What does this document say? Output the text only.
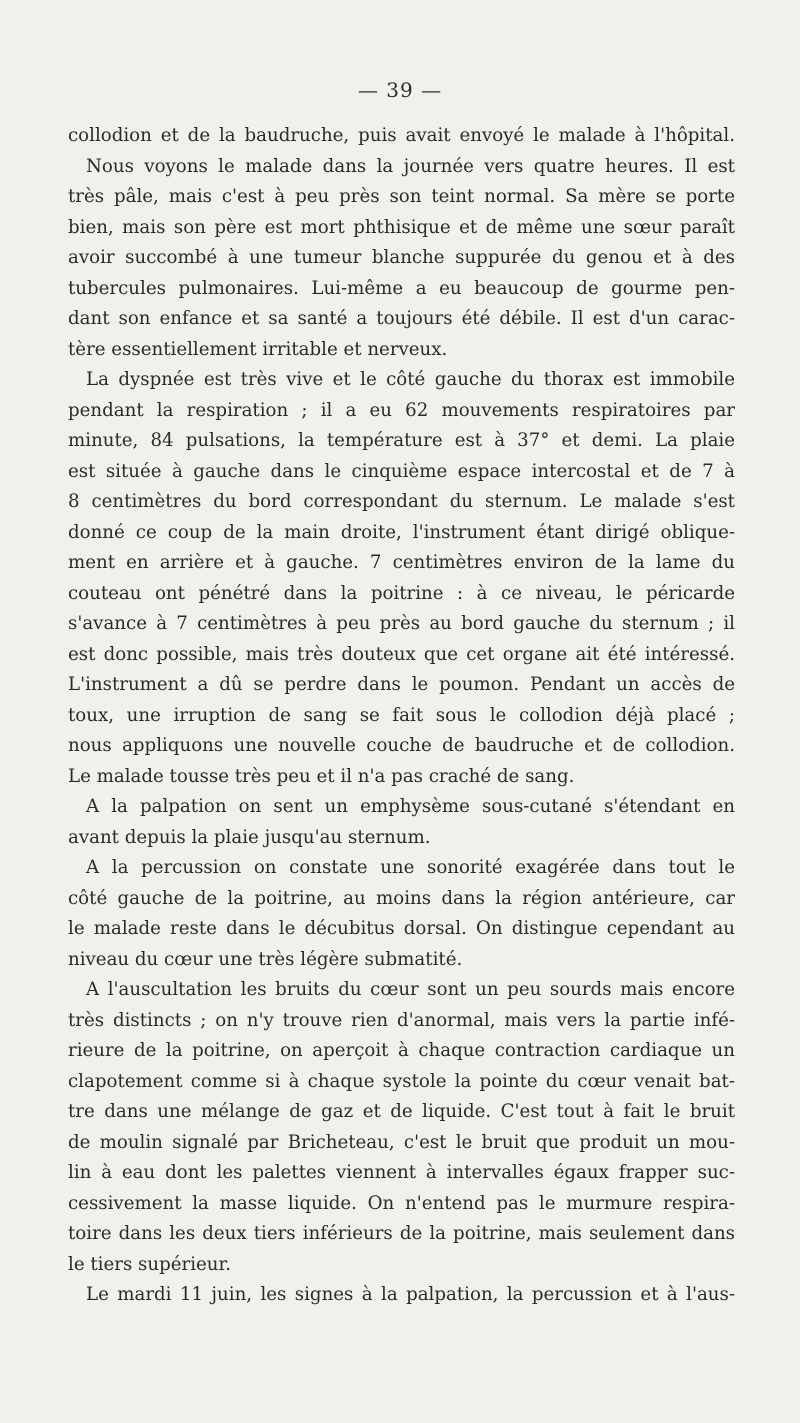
— 39 —
collodion et de la baudruche, puis avait envoyé le malade à l'hôpital.
Nous voyons le malade dans la journée vers quatre heures. Il est
très pâle, mais c'est à peu près son teint normal. Sa mère se porte
bien, mais son père est mort phthisique et de même une sœur paraît
avoir succombé à une tumeur blanche suppurée du genou et à des
tubercules pulmonaires. Lui-même a eu beaucoup de gourme pen-
dant son enfance et sa santé a toujours été débile. Il est d'un carac-
tère essentiellement irritable et nerveux.
La dyspnée est très vive et le côté gauche du thorax est immobile
pendant la respiration ; il a eu 62 mouvements respiratoires par
minute, 84 pulsations, la température est à 37° et demi. La plaie
est située à gauche dans le cinquième espace intercostal et de 7 à
8 centimètres du bord correspondant du sternum. Le malade s'est
donné ce coup de la main droite, l'instrument étant dirigé oblique-
ment en arrière et à gauche. 7 centimètres environ de la lame du
couteau ont pénétré dans la poitrine : à ce niveau, le péricarde
s'avance à 7 centimètres à peu près au bord gauche du sternum ; il
est donc possible, mais très douteux que cet organe ait été intéressé.
L'instrument a dû se perdre dans le poumon. Pendant un accès de
toux, une irruption de sang se fait sous le collodion déjà placé ;
nous appliquons une nouvelle couche de baudruche et de collodion.
Le malade tousse très peu et il n'a pas craché de sang.
A la palpation on sent un emphysème sous-cutané s'étendant en
avant depuis la plaie jusqu'au sternum.
A la percussion on constate une sonorité exagérée dans tout le
côté gauche de la poitrine, au moins dans la région antérieure, car
le malade reste dans le décubitus dorsal. On distingue cependant au
niveau du cœur une très légère submatité.
A l'auscultation les bruits du cœur sont un peu sourds mais encore
très distincts ; on n'y trouve rien d'anormal, mais vers la partie infé-
rieure de la poitrine, on aperçoit à chaque contraction cardiaque un
clapotement comme si à chaque systole la pointe du cœur venait bat-
tre dans une mélange de gaz et de liquide. C'est tout à fait le bruit
de moulin signalé par Bricheteau, c'est le bruit que produit un mou-
lin à eau dont les palettes viennent à intervalles égaux frapper suc-
cessivement la masse liquide. On n'entend pas le murmure respira-
toire dans les deux tiers inférieurs de la poitrine, mais seulement dans
le tiers supérieur.
Le mardi 11 juin, les signes à la palpation, la percussion et à l'aus-
